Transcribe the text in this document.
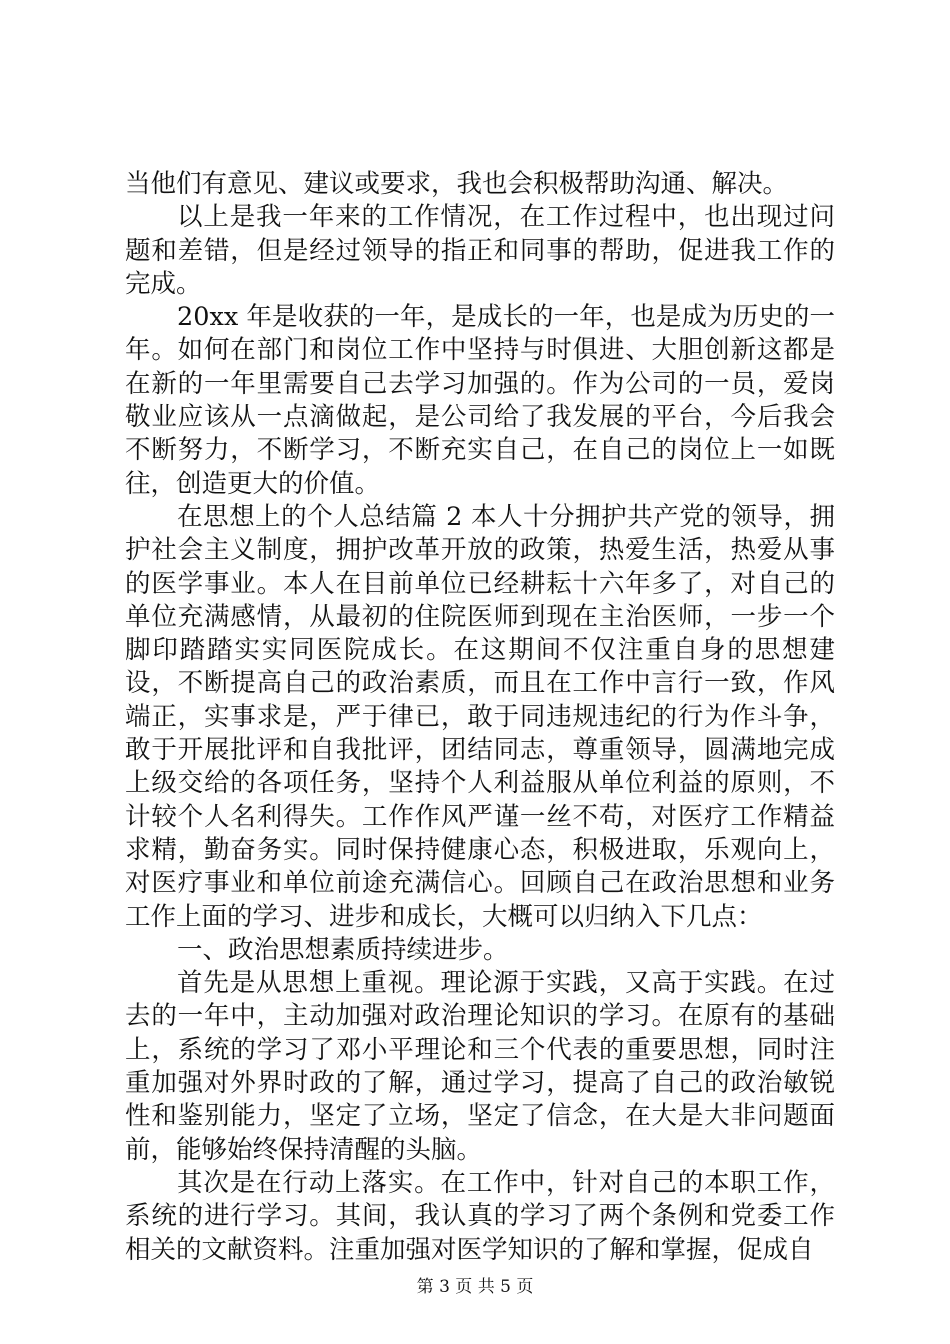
当他们有意见、建议或要求，我也会积极帮助沟通、解决。

以上是我一年来的工作情况，在工作过程中，也出现过问题和差错，但是经过领导的指正和同事的帮助，促进我工作的完成。

20xx 年是收获的一年，是成长的一年，也是成为历史的一年。如何在部门和岗位工作中坚持与时俱进、大胆创新这都是在新的一年里需要自己去学习加强的。作为公司的一员，爱岗敬业应该从一点滴做起，是公司给了我发展的平台，今后我会不断努力，不断学习，不断充实自己，在自己的岗位上一如既往，创造更大的价值。

在思想上的个人总结篇 2 本人十分拥护共产党的领导，拥护社会主义制度，拥护改革开放的政策，热爱生活，热爱从事的医学事业。本人在目前单位已经耕耘十六年多了，对自己的单位充满感情，从最初的住院医师到现在主治医师，一步一个脚印踏踏实实同医院成长。在这期间不仅注重自身的思想建设，不断提高自己的政治素质，而且在工作中言行一致，作风端正，实事求是，严于律已，敢于同违规违纪的行为作斗争，敢于开展批评和自我批评，团结同志，尊重领导，圆满地完成上级交给的各项任务，坚持个人利益服从单位利益的原则，不计较个人名利得失。工作作风严谨一丝不苟，对医疗工作精益求精，勤奋务实。同时保持健康心态，积极进取，乐观向上，对医疗事业和单位前途充满信心。回顾自己在政治思想和业务工作上面的学习、进步和成长，大概可以归纳入下几点：

一、政治思想素质持续进步。

首先是从思想上重视。理论源于实践，又高于实践。在过去的一年中，主动加强对政治理论知识的学习。在原有的基础上，系统的学习了邓小平理论和三个代表的重要思想，同时注重加强对外界时政的了解，通过学习，提高了自己的政治敏锐性和鉴别能力，坚定了立场，坚定了信念，在大是大非问题面前，能够始终保持清醒的头脑。

其次是在行动上落实。在工作中，针对自己的本职工作，系统的进行学习。其间，我认真的学习了两个条例和党委工作相关的文献资料。注重加强对医学知识的了解和掌握，促成自

第 3 页 共 5 页
